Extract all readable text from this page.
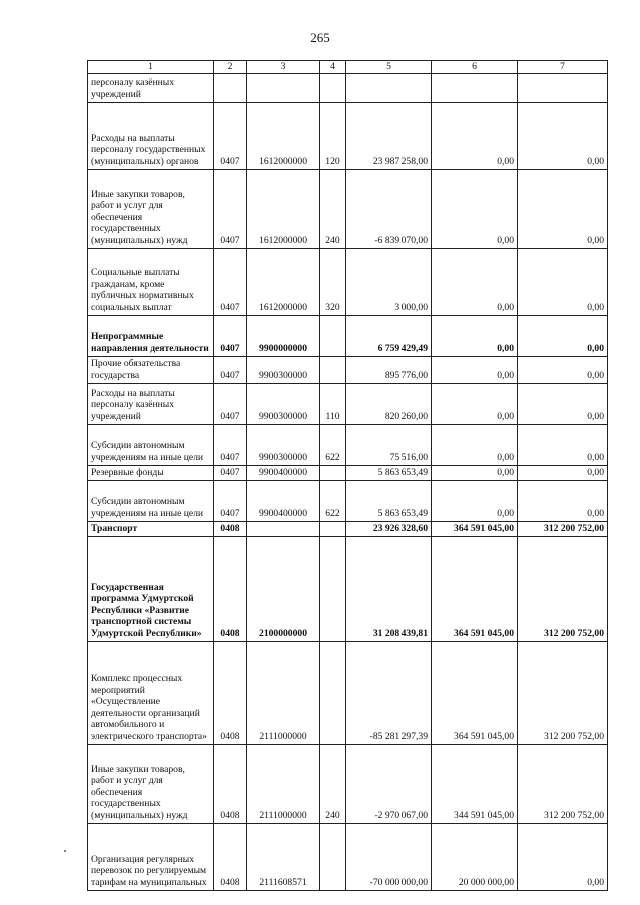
265
1	2	3	4	5	6	7
персоналу казённых учреждений						
Расходы на выплаты персоналу государственных (муниципальных) органов	0407	1612000000	120	23 987 258,00	0,00	0,00
Иные закупки товаров, работ и услуг для обеспечения государственных (муниципальных) нужд	0407	1612000000	240	-6 839 070,00	0,00	0,00
Социальные выплаты гражданам, кроме публичных нормативных социальных выплат	0407	1612000000	320	3 000,00	0,00	0,00
Непрограммные направления деятельности	0407	9900000000		6 759 429,49	0,00	0,00
Прочие обязательства государства	0407	9900300000		895 776,00	0,00	0,00
Расходы на выплаты персоналу казённых учреждений	0407	9900300000	110	820 260,00	0,00	0,00
Субсидии автономным учреждениям на иные цели	0407	9900300000	622	75 516,00	0,00	0,00
Резервные фонды	0407	9900400000		5 863 653,49	0,00	0,00
Субсидии автономным учреждениям на иные цели	0407	9900400000	622	5 863 653,49	0,00	0,00
Транспорт	0408			23 926 328,60	364 591 045,00	312 200 752,00
Государственная программа Удмуртской Республики «Развитие транспортной системы Удмуртской Республики»	0408	2100000000		31 208 439,81	364 591 045,00	312 200 752,00
Комплекс процессных мероприятий «Осуществление деятельности организаций автомобильного и электрического транспорта»	0408	2111000000		-85 281 297,39	364 591 045,00	312 200 752,00
Иные закупки товаров, работ и услуг для обеспечения государственных (муниципальных) нужд	0408	2111000000	240	-2 970 067,00	344 591 045,00	312 200 752,00
Организация регулярных перевозок по регулируемым тарифам на муниципальных	0408	2111608571		-70 000 000,00	20 000 000,00	0,00
